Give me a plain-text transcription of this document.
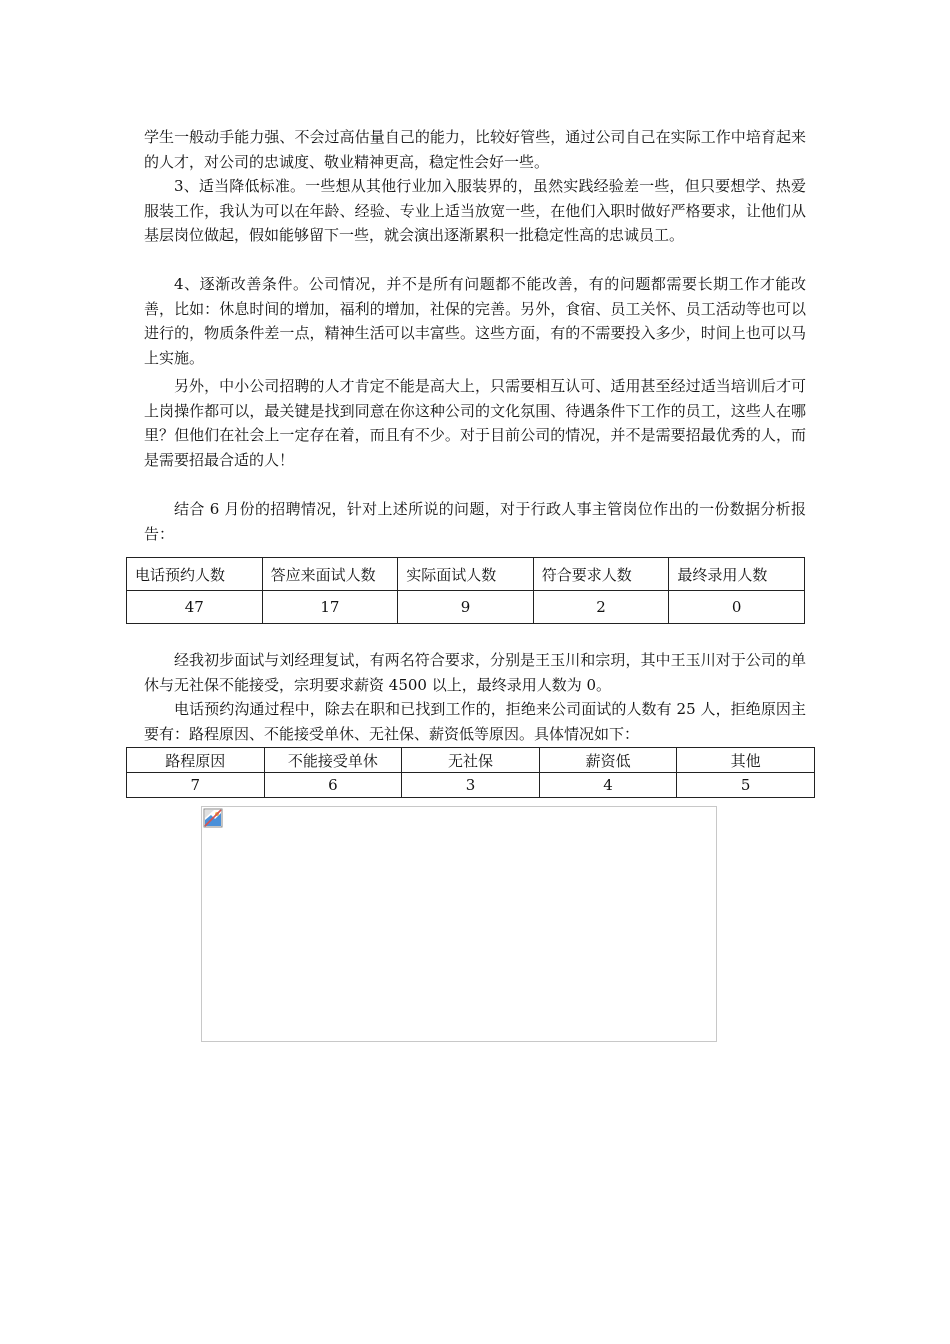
学生一般动手能力强、不会过高估量自己的能力，比较好管些，通过公司自己在实际工作中培育起来的人才，对公司的忠诚度、敬业精神更高，稳定性会好一些。

3、适当降低标准。一些想从其他行业加入服装界的，虽然实践经验差一些，但只要想学、热爱服装工作，我认为可以在年龄、经验、专业上适当放宽一些，在他们入职时做好严格要求，让他们从基层岗位做起，假如能够留下一些，就会演出逐渐累积一批稳定性高的忠诚员工。

4、逐渐改善条件。公司情况，并不是所有问题都不能改善，有的问题都需要长期工作才能改善，比如：休息时间的增加，福利的增加，社保的完善。另外，食宿、员工关怀、员工活动等也可以进行的，物质条件差一点，精神生活可以丰富些。这些方面，有的不需要投入多少，时间上也可以马上实施。

另外，中小公司招聘的人才肯定不能是高大上，只需要相互认可、适用甚至经过适当培训后才可上岗操作都可以，最关键是找到同意在你这种公司的文化氛围、待遇条件下工作的员工，这些人在哪里？但他们在社会上一定存在着，而且有不少。对于目前公司的情况，并不是需要招最优秀的人，而是需要招最合适的人！

结合 6 月份的招聘情况，针对上述所说的问题，对于行政人事主管岗位作出的一份数据分析报告：

电话预约人数	答应来面试人数	实际面试人数	符合要求人数	最终录用人数
47	17	9	2	0

经我初步面试与刘经理复试，有两名符合要求，分别是王玉川和宗玥，其中王玉川对于公司的单休与无社保不能接受，宗玥要求薪资 4500 以上，最终录用人数为 0。

电话预约沟通过程中，除去在职和已找到工作的，拒绝来公司面试的人数有 25 人，拒绝原因主要有：路程原因、不能接受单休、无社保、薪资低等原因。具体情况如下：

路程原因	不能接受单休	无社保	薪资低	其他
7	6	3	4	5
